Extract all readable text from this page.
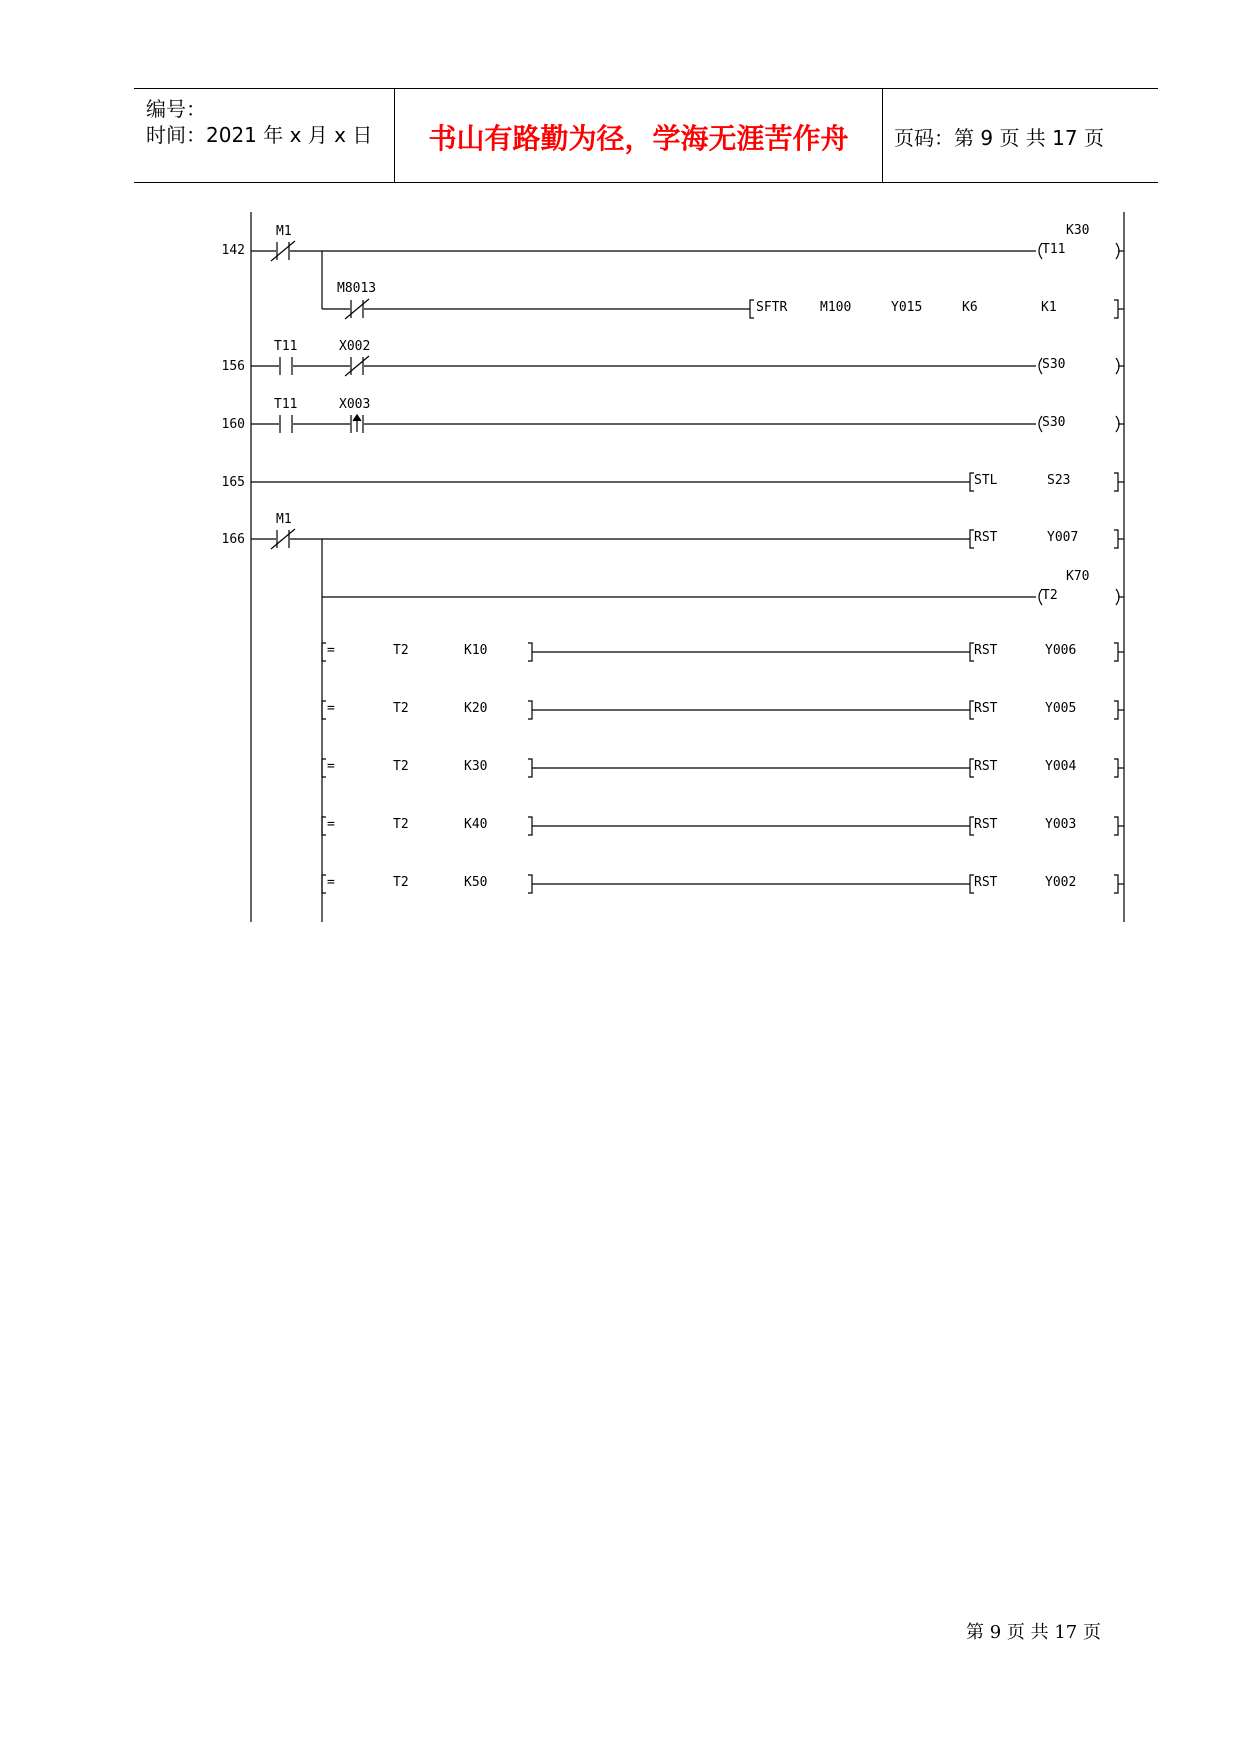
编号：
时间：2021 年 x 月 x 日	书山有路勤为径，学海无涯苦作舟	页码：第 9 页 共 17 页
142
M1
T11
K30
M8013
SFTR	M100	Y015	K6	K1
156
T11	X002
S30
160
T11	X003
S30
165	STL	S23
166
M1
RST	Y007
T2
K70
=	T2	K10	RST	Y006
=	T2	K20	RST	Y005
=	T2	K30	RST	Y004
=	T2	K40	RST	Y003
=	T2	K50	RST	Y002
第 9 页 共 17 页
